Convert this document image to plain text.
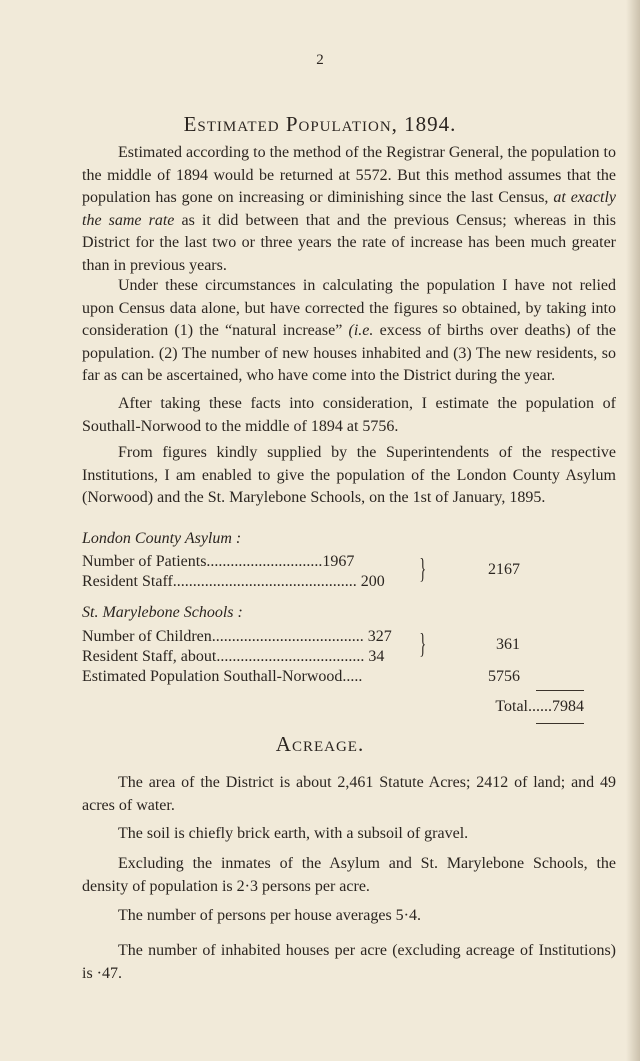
2
Estimated Population, 1894.

Estimated according to the method of the Registrar General, the population to the middle of 1894 would be returned at 5572. But this method assumes that the population has gone on increasing or diminishing since the last Census, at exactly the same rate as it did between that and the previous Census; whereas in this District for the last two or three years the rate of increase has been much greater than in previous years.

Under these circumstances in calculating the population I have not relied upon Census data alone, but have corrected the figures so obtained, by taking into consideration (1) the “natural increase” (i.e. excess of births over deaths) of the population. (2) The number of new houses inhabited and (3) The new residents, so far as can be ascertained, who have come into the District during the year.

After taking these facts into consideration, I estimate the population of Southall-Norwood to the middle of 1894 at 5756.

From figures kindly supplied by the Superintendents of the respective Institutions, I am enabled to give the population of the London County Asylum (Norwood) and the St. Marylebone Schools, on the 1st of January, 1895.

London County Asylum :
Number of Patients.............................1967
Resident Staff.............................................. 200 }	2167
St. Marylebone Schools :
Number of Children...................................... 327
Resident Staff, about..................................... 34
Estimated Population Southall-Norwood.....
}	361
5756
Total......7984
Acreage.

The area of the District is about 2,461 Statute Acres; 2412 of land; and 49 acres of water.

The soil is chiefly brick earth, with a subsoil of gravel.

Excluding the inmates of the Asylum and St. Marylebone Schools, the density of population is 2·3 persons per acre.

The number of persons per house averages 5·4.

The number of inhabited houses per acre (excluding acreage of Institutions) is ·47.
